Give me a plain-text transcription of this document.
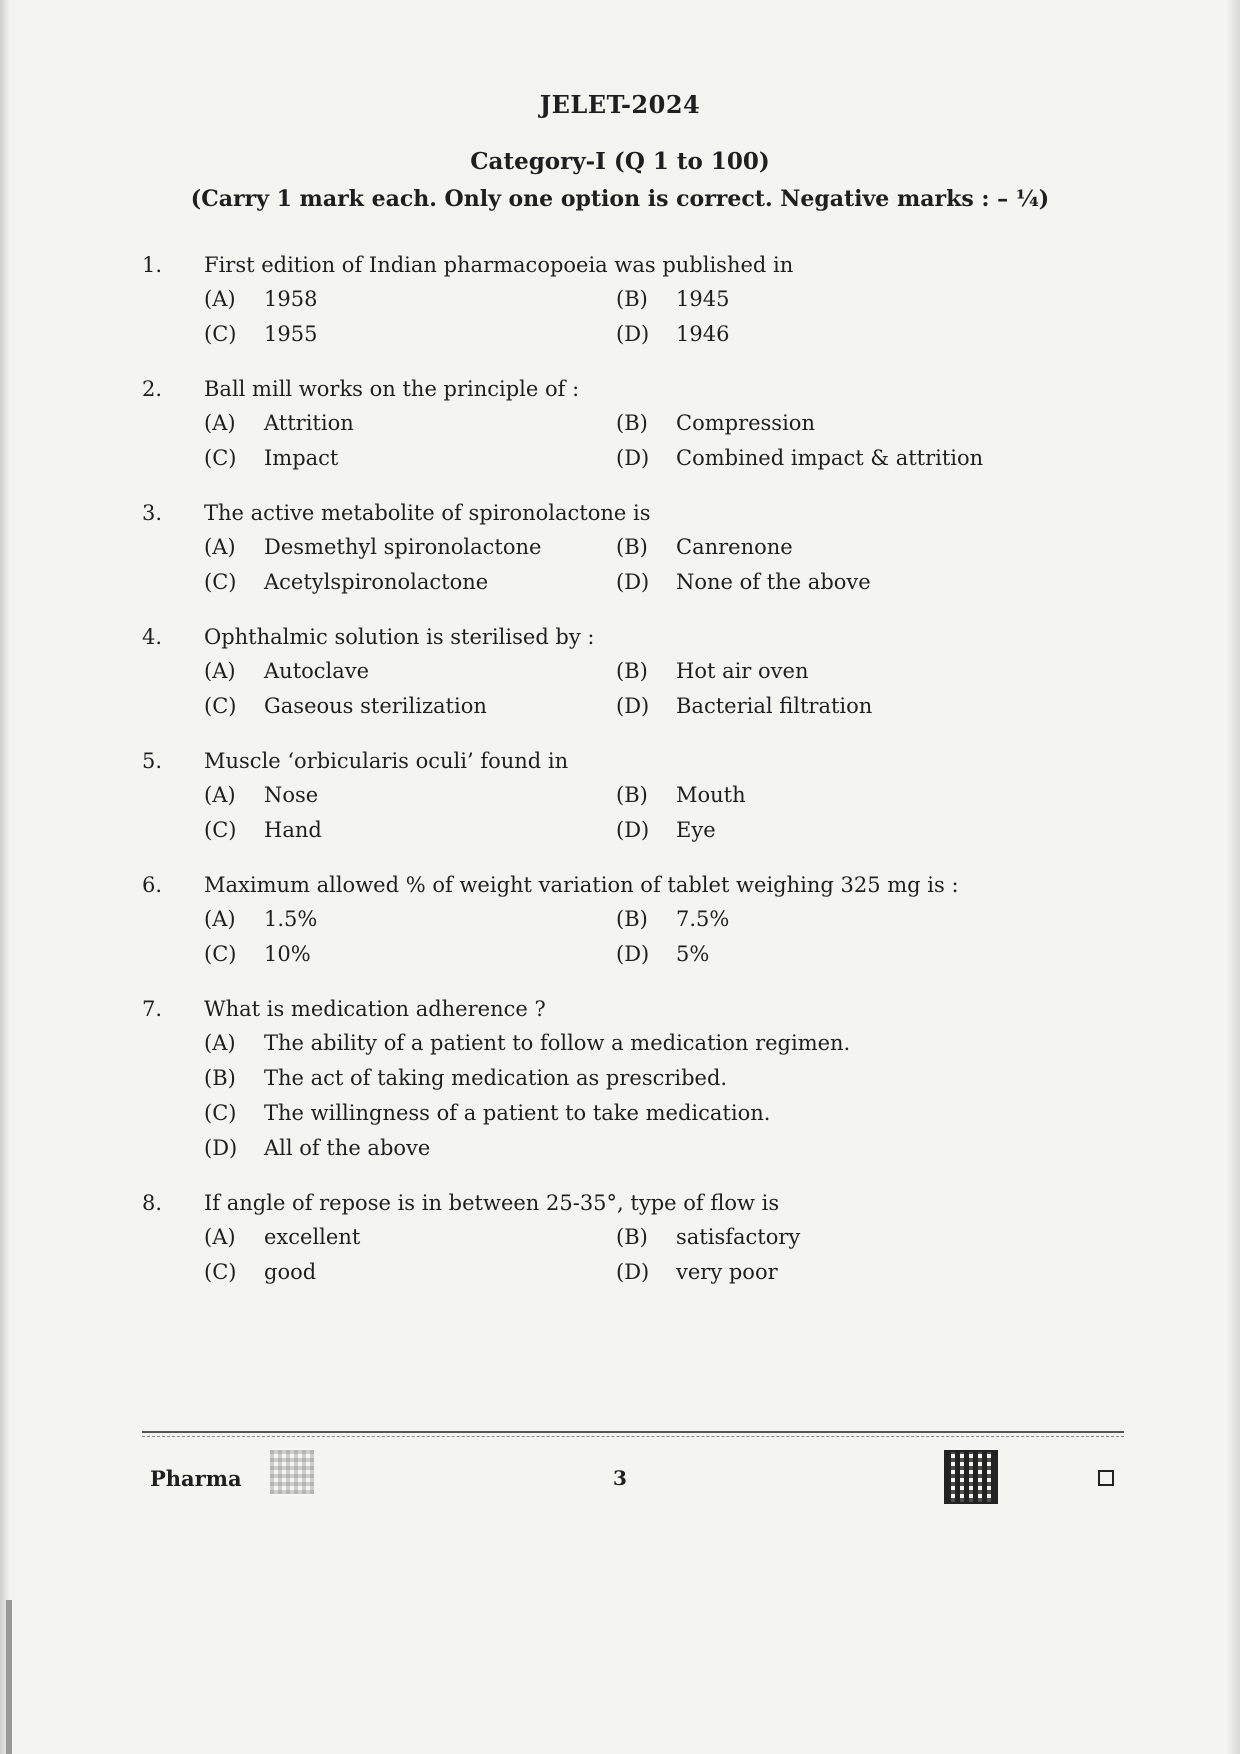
JELET-2024
Category-I (Q 1 to 100)
(Carry 1 mark each. Only one option is correct. Negative marks : – ¼)
1.	First edition of Indian pharmacopoeia was published in
(A)	1958	(B)	1945
(C)	1955	(D)	1946
2.	Ball mill works on the principle of :
(A)	Attrition	(B)	Compression
(C)	Impact	(D)	Combined impact & attrition
3.	The active metabolite of spironolactone is
(A)	Desmethyl spironolactone	(B)	Canrenone
(C)	Acetylspironolactone	(D)	None of the above
4.	Ophthalmic solution is sterilised by :
(A)	Autoclave	(B)	Hot air oven
(C)	Gaseous sterilization	(D)	Bacterial filtration
5.	Muscle ‘orbicularis oculi’ found in
(A)	Nose	(B)	Mouth
(C)	Hand	(D)	Eye
6.	Maximum allowed % of weight variation of tablet weighing 325 mg is :
(A)	1.5%	(B)	7.5%
(C)	10%	(D)	5%
7.	What is medication adherence ?
(A)	The ability of a patient to follow a medication regimen.
(B)	The act of taking medication as prescribed.
(C)	The willingness of a patient to take medication.
(D)	All of the above
8.	If angle of repose is in between 25-35°, type of flow is
(A)	excellent	(B)	satisfactory
(C)	good	(D)	very poor
Pharma	3
